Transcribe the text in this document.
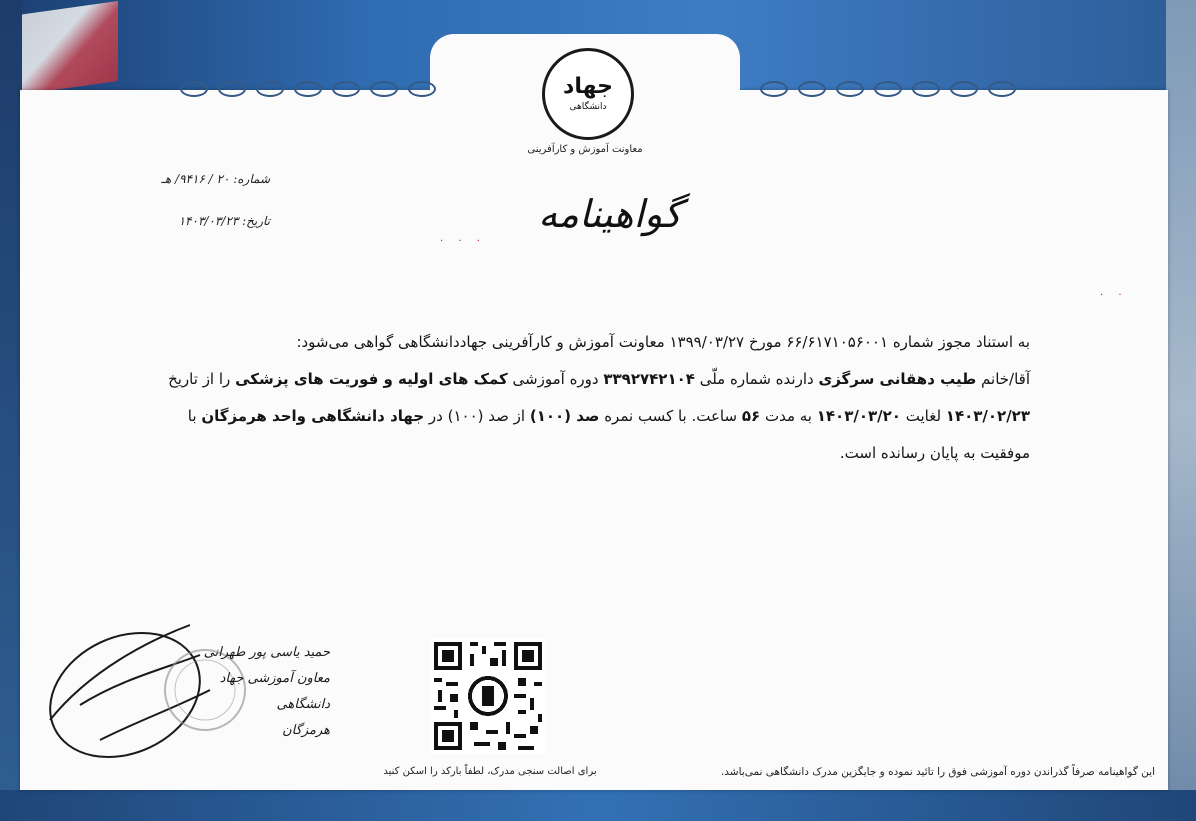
جهاد
دانشگاهی
معاونت آموزش و کارآفرینی
شماره: ۲۰ / ۹۴۱۶/ هـ
تاریخ: ۱۴۰۳/۰۳/۲۳	گواهینامه
· · ·
· ·
به استناد مجوز شماره ۶۶/۶۱۷۱۰۵۶۰۰۱ مورخ ۱۳۹۹/۰۳/۲۷ معاونت آموزش و کارآفرینی جهاددانشگاهی گواهی می‌شود:
آقا/خانم طیب دهقانی سرگزی دارنده شماره ملّی ۳۳۹۲۷۴۲۱۰۴ دوره آموزشی کمک های اولیه و فوریت های پزشکی را از تاریخ
۱۴۰۳/۰۲/۲۳ لغایت ۱۴۰۳/۰۳/۲۰ به مدت ۵۶ ساعت. با کسب نمره صد (۱۰۰) از صد (۱۰۰) در جهاد دانشگاهی واحد هرمزگان با
موفقیت به پایان رسانده است.
حمید یاسی پور طهرانی
معاون آموزشی جهاد دانشگاهی
هرمزگان
برای اصالت سنجی مدرک، لطفاً بارکد را اسکن کنید	این گواهینامه صرفاً گذراندن دوره آموزشی فوق را تائید نموده و جایگزین مدرک دانشگاهی نمی‌باشد.
